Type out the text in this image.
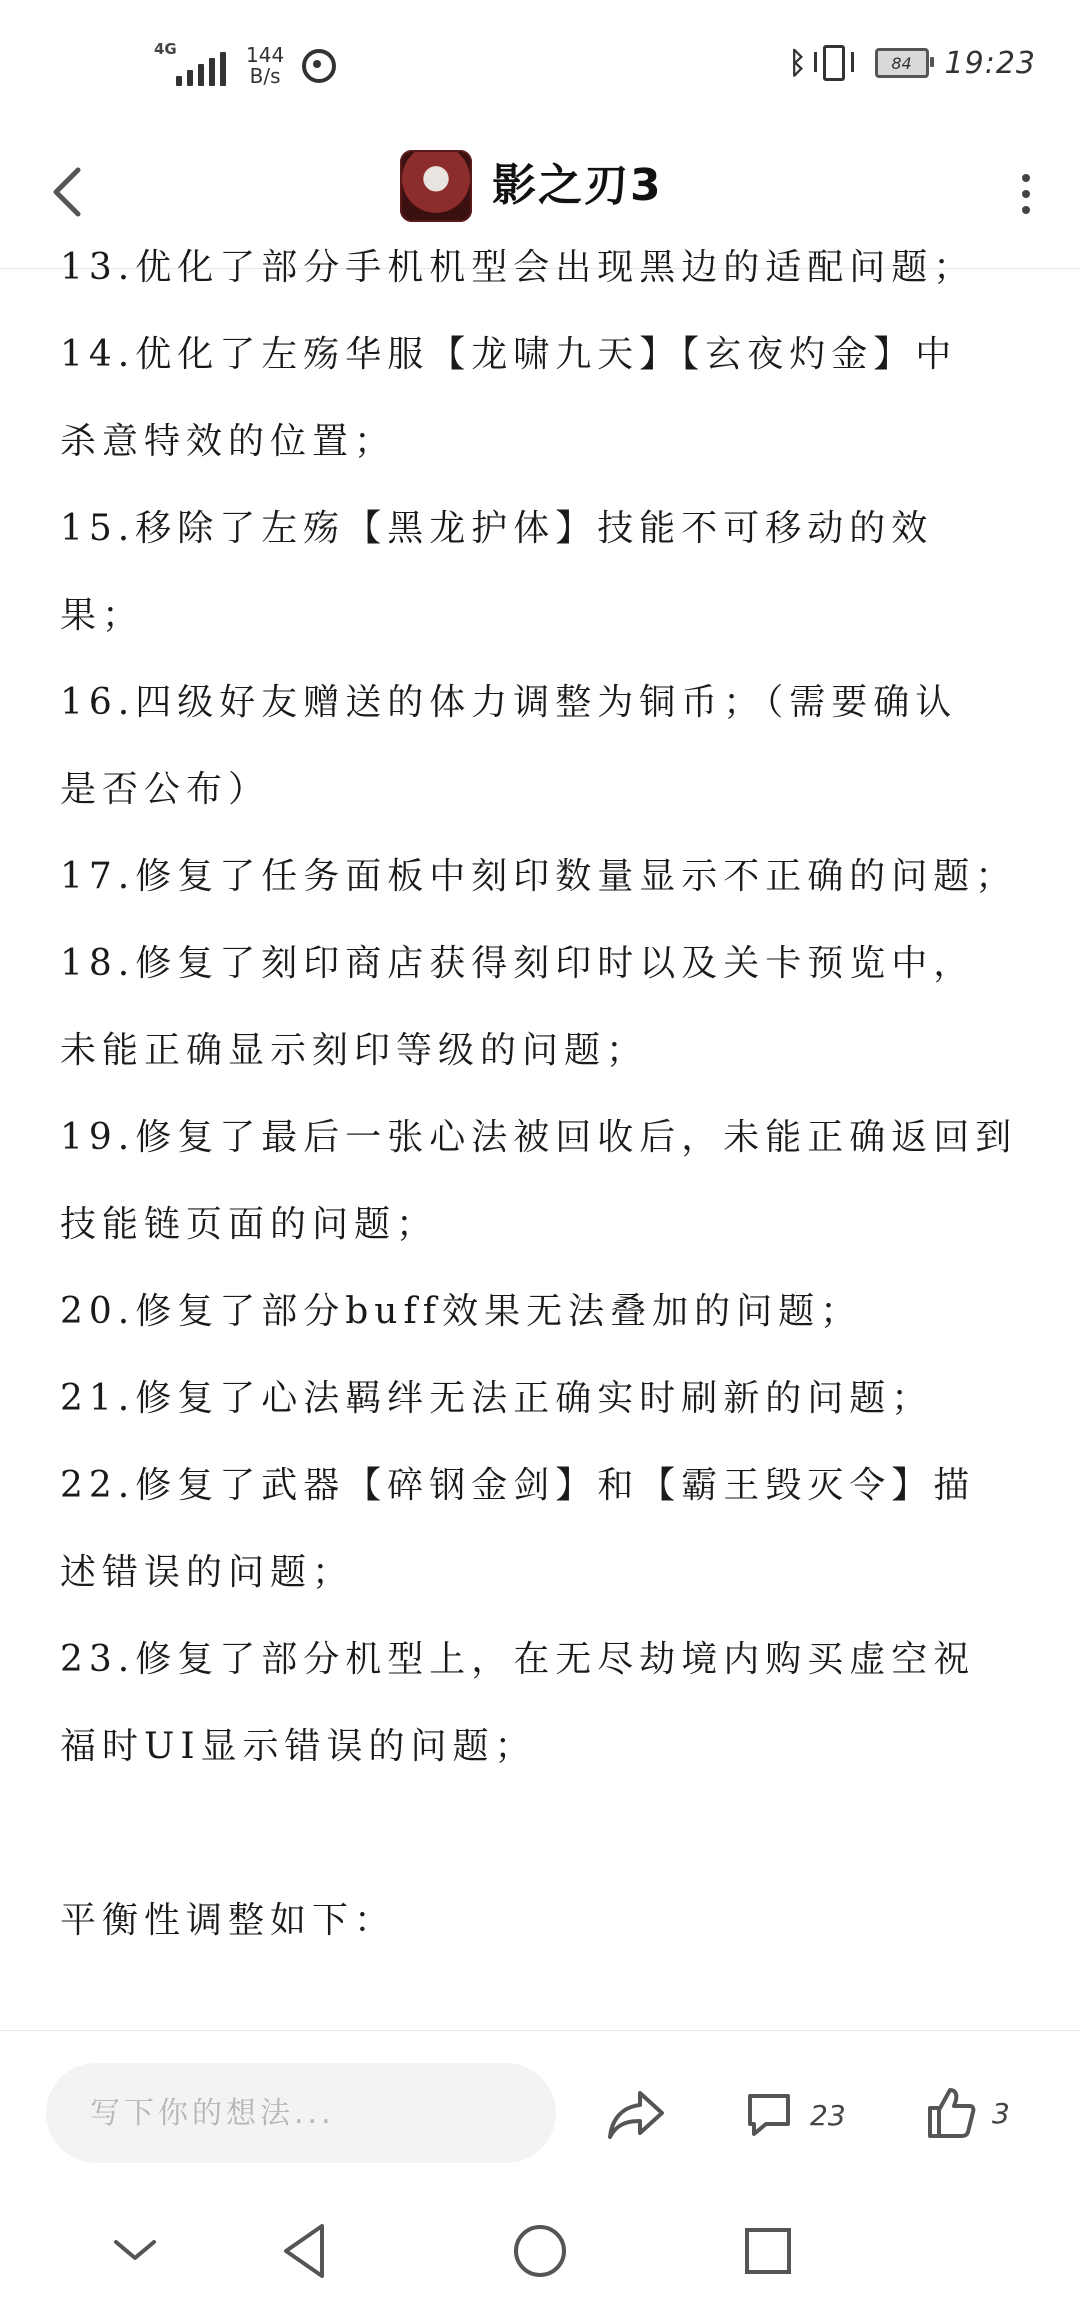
4G	144
B/s	ᛒ	84 19:23
影之刃3
13.优化了部分手机机型会出现黑边的适配问题；
14.优化了左殇华服【龙啸九天】【玄夜灼金】中
杀意特效的位置；
15.移除了左殇【黑龙护体】技能不可移动的效
果；
16.四级好友赠送的体力调整为铜币；（需要确认
是否公布）
17.修复了任务面板中刻印数量显示不正确的问题；
18.修复了刻印商店获得刻印时以及关卡预览中，
未能正确显示刻印等级的问题；
19.修复了最后一张心法被回收后，未能正确返回到
技能链页面的问题；
20.修复了部分buff效果无法叠加的问题；
21.修复了心法羁绊无法正确实时刷新的问题；
22.修复了武器【碎钢金剑】和【霸王毁灭令】描
述错误的问题；
23.修复了部分机型上，在无尽劫境内购买虚空祝
福时UI显示错误的问题；
平衡性调整如下：
写下你的想法...
23	3
